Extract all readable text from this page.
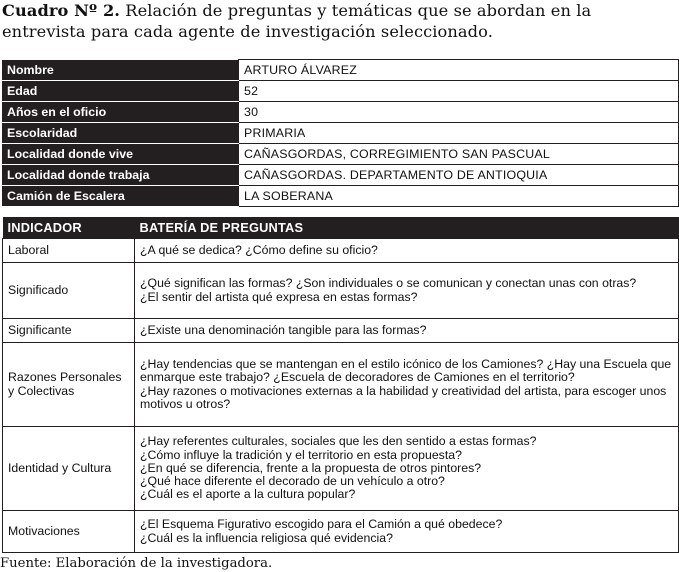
Cuadro Nº 2. Relación de preguntas y temáticas que se abordan en la entrevista para cada agente de investigación seleccionado.
Nombre	ARTURO ÁLVAREZ
Edad	52
Años en el oficio	30
Escolaridad	PRIMARIA
Localidad donde vive	CAÑASGORDAS, CORREGIMIENTO SAN PASCUAL
Localidad donde trabaja	CAÑASGORDAS. DEPARTAMENTO DE ANTIOQUIA
Camión de Escalera	LA SOBERANA
INDICADOR	BATERÍA DE PREGUNTAS
Laboral	¿A qué se dedica? ¿Cómo define su oficio?

Significado	¿Qué significan las formas? ¿Son individuales o se comunican y conectan unas con otras?
¿El sentir del artista qué expresa en estas formas?

Significante	¿Existe una denominación tangible para las formas?

Razones Personales y Colectivas	¿Hay tendencias que se mantengan en el estilo icónico de los Camiones? ¿Hay una Escuela que enmarque este trabajo? ¿Escuela de decoradores de Camiones en el territorio?
¿Hay razones o motivaciones externas a la habilidad y creatividad del artista, para escoger unos motivos u otros?

Identidad y Cultura	¿Hay referentes culturales, sociales que les den sentido a estas formas?
¿Cómo influye la tradición y el territorio en esta propuesta?
¿En qué se diferencia, frente a la propuesta de otros pintores?
¿Qué hace diferente el decorado de un vehículo a otro?
¿Cuál es el aporte a la cultura popular?

Motivaciones	¿El Esquema Figurativo escogido para el Camión a qué obedece?
¿Cuál es la influencia religiosa qué evidencia?
Fuente: Elaboración de la investigadora.
